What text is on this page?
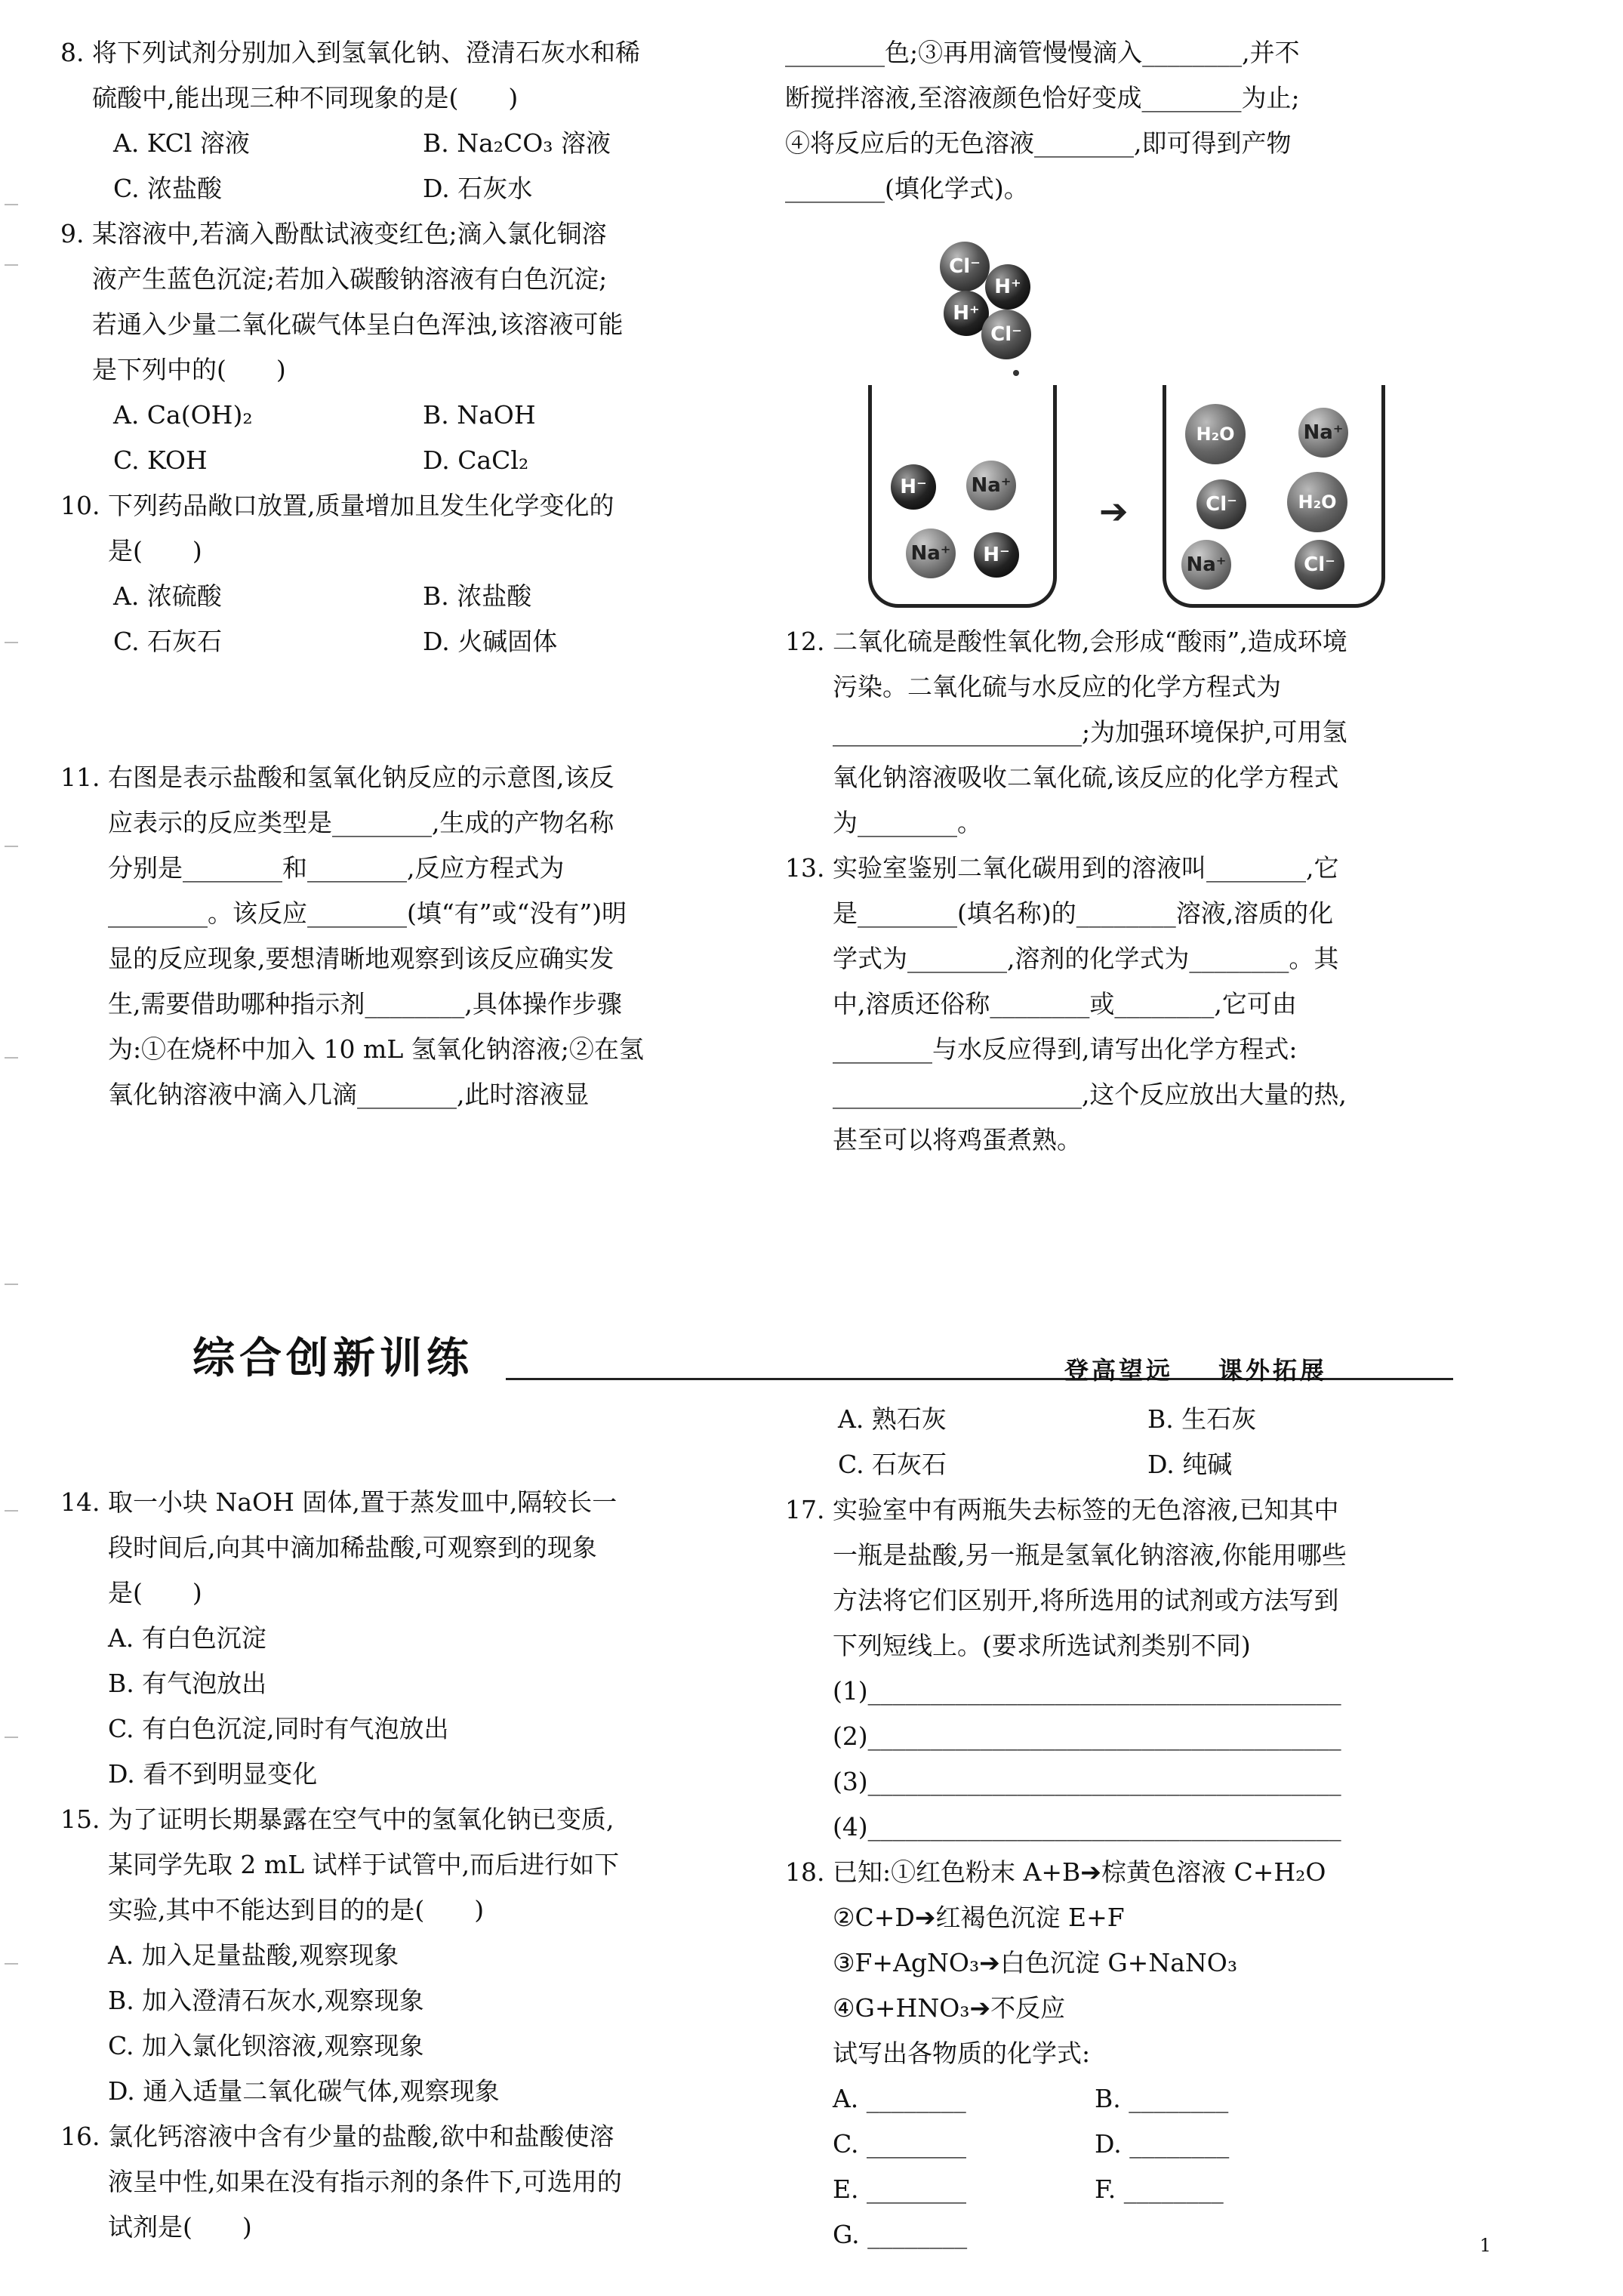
8. 将下列试剂分别加入到氢氧化钠、澄清石灰水和稀
硫酸中,能出现三种不同现象的是(　　)
A. KCl 溶液	B. Na₂CO₃ 溶液
C. 浓盐酸	D. 石灰水
9. 某溶液中,若滴入酚酞试液变红色;滴入氯化铜溶
液产生蓝色沉淀;若加入碳酸钠溶液有白色沉淀;
若通入少量二氧化碳气体呈白色浑浊,该溶液可能
是下列中的(　　)
A. Ca(OH)₂	B. NaOH
C. KOH	D. CaCl₂
10. 下列药品敞口放置,质量增加且发生化学变化的
是(　　)
A. 浓硫酸	B. 浓盐酸
C. 石灰石	D. 火碱固体
11. 右图是表示盐酸和氢氧化钠反应的示意图,该反
应表示的反应类型是________,生成的产物名称
分别是________和________,反应方程式为
________。该反应________(填“有”或“没有”)明
显的反应现象,要想清晰地观察到该反应确实发
生,需要借助哪种指示剂________,具体操作步骤
为:①在烧杯中加入 10 mL 氢氧化钠溶液;②在氢
氧化钠溶液中滴入几滴________,此时溶液显
________色;③再用滴管慢慢滴入________,并不
断搅拌溶液,至溶液颜色恰好变成________为止;
④将反应后的无色溶液________,即可得到产物
________(填化学式)。
Cl⁻
H⁺
H⁺
Cl⁻
H⁻	Na⁺
Na⁺	H⁻
➔
H₂O	Na⁺
Cl⁻	H₂O
Na⁺	Cl⁻
12. 二氧化硫是酸性氧化物,会形成“酸雨”,造成环境
污染。二氧化硫与水反应的化学方程式为
____________________;为加强环境保护,可用氢
氧化钠溶液吸收二氧化硫,该反应的化学方程式
为________。
13. 实验室鉴别二氧化碳用到的溶液叫________,它
是________(填名称)的________溶液,溶质的化
学式为________,溶剂的化学式为________。其
中,溶质还俗称________或________,它可由
________与水反应得到,请写出化学方程式:
____________________,这个反应放出大量的热,
甚至可以将鸡蛋煮熟。
综合创新训练	登高望远 课外拓展
14. 取一小块 NaOH 固体,置于蒸发皿中,隔较长一
段时间后,向其中滴加稀盐酸,可观察到的现象
是(　　)
A. 有白色沉淀
B. 有气泡放出
C. 有白色沉淀,同时有气泡放出
D. 看不到明显变化
15. 为了证明长期暴露在空气中的氢氧化钠已变质,
某同学先取 2 mL 试样于试管中,而后进行如下
实验,其中不能达到目的的是(　　)
A. 加入足量盐酸,观察现象
B. 加入澄清石灰水,观察现象
C. 加入氯化钡溶液,观察现象
D. 通入适量二氧化碳气体,观察现象
16. 氯化钙溶液中含有少量的盐酸,欲中和盐酸使溶
液呈中性,如果在没有指示剂的条件下,可选用的
试剂是(　　)
A. 熟石灰	B. 生石灰
C. 石灰石	D. 纯碱
17. 实验室中有两瓶失去标签的无色溶液,已知其中
一瓶是盐酸,另一瓶是氢氧化钠溶液,你能用哪些
方法将它们区别开,将所选用的试剂或方法写到
下列短线上。(要求所选试剂类别不同)
(1)______________________________________
(2)______________________________________
(3)______________________________________
(4)______________________________________
18. 已知:①红色粉末 A+B➔棕黄色溶液 C+H₂O
②C+D➔红褐色沉淀 E+F
③F+AgNO₃➔白色沉淀 G+NaNO₃
④G+HNO₃➔不反应
试写出各物质的化学式:
A. ________	B. ________
C. ________	D. ________
E. ________	F. ________
G. ________	1
